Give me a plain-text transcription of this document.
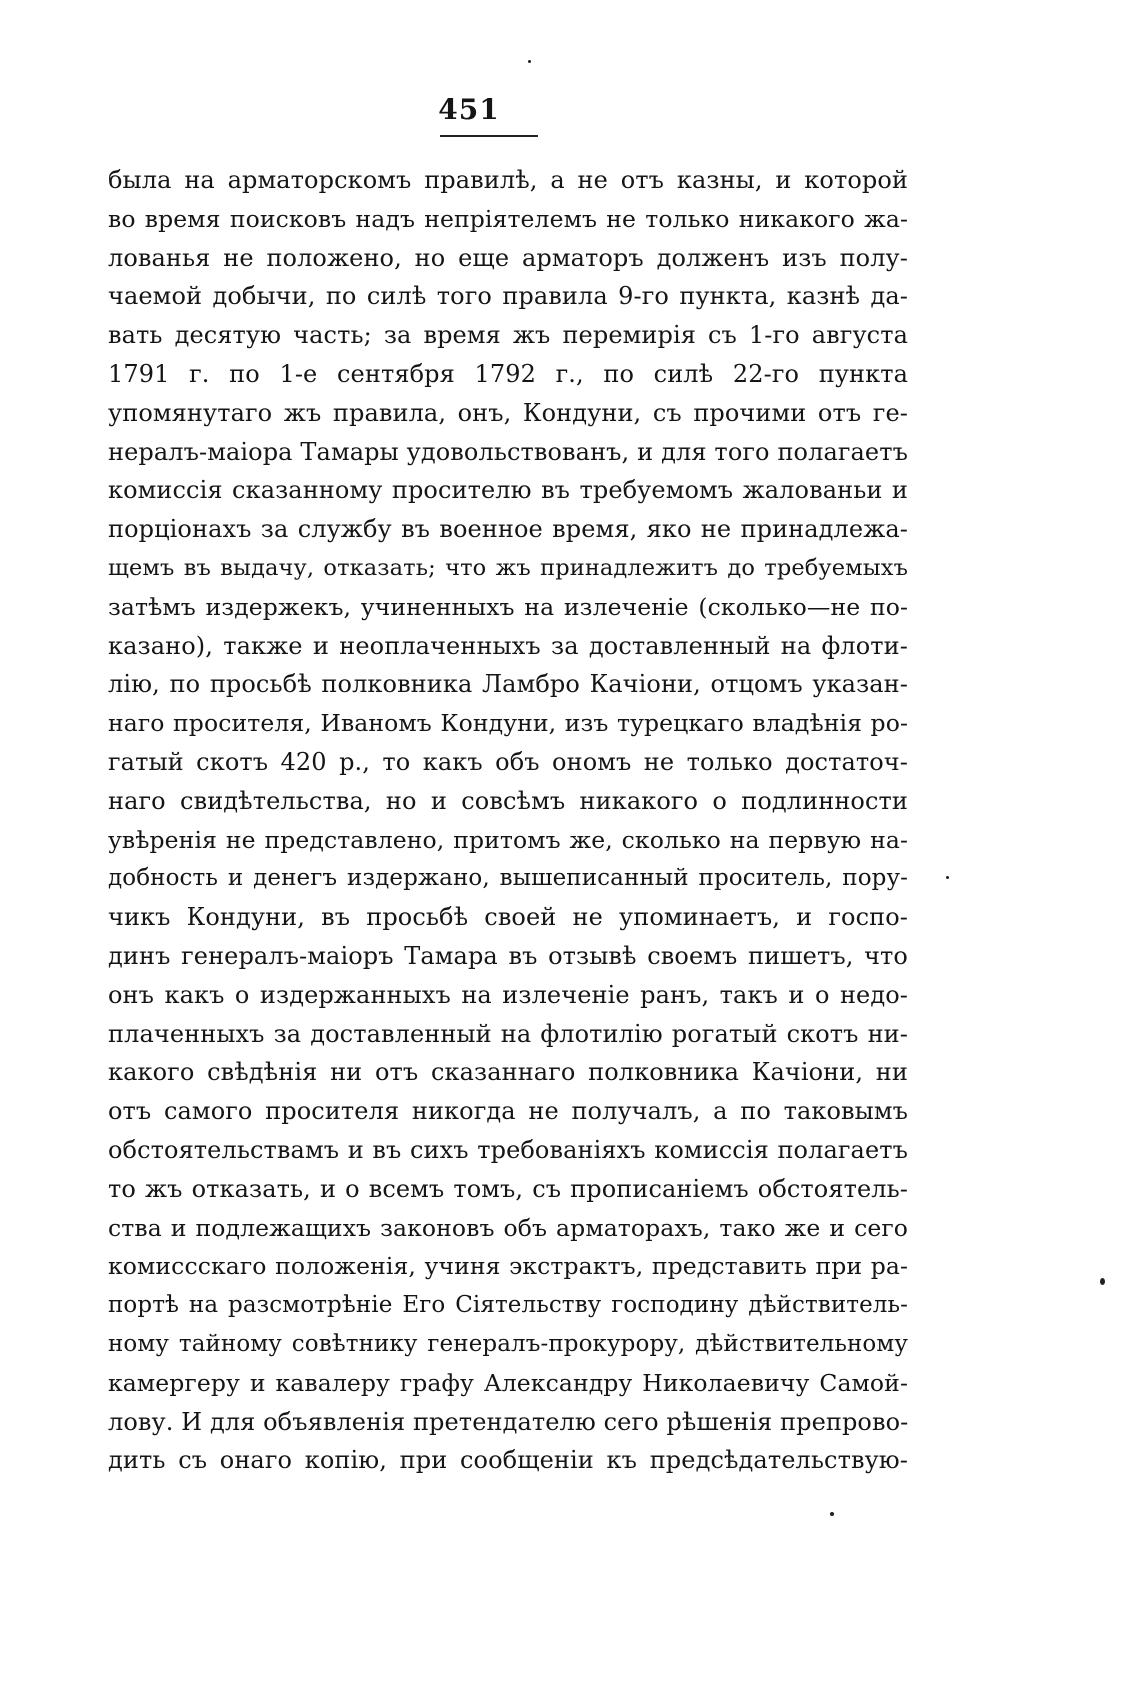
451
была на арматорскомъ правилѣ, а не отъ казны, и которой
во время поисковъ надъ непріятелемъ не только никакого жа-
лованья не положено, но еще арматоръ долженъ изъ полу-
чаемой добычи, по силѣ того правила 9-го пункта, казнѣ да-
вать десятую часть; за время жъ перемирія съ 1-го августа
1791 г. по 1-е сентября 1792 г., по силѣ 22-го пункта
упомянутаго жъ правила, онъ, Кондуни, съ прочими отъ ге-
нералъ-маіора Тамары удовольствованъ, и для того полагаетъ
комиссія сказанному просителю въ требуемомъ жалованьи и
порціонахъ за службу въ военное время, яко не принадлежа-
щемъ въ выдачу, отказать; что жъ принадлежитъ до требуемыхъ
затѣмъ издержекъ, учиненныхъ на излеченіе (сколько—не по-
казано), также и неоплаченныхъ за доставленный на флоти-
лію, по просьбѣ полковника Ламбро Качіони, отцомъ указан-
наго просителя, Иваномъ Кондуни, изъ турецкаго владѣнія ро-
гатый скотъ 420 р., то какъ объ ономъ не только достаточ-
наго свидѣтельства, но и совсѣмъ никакого о подлинности
увѣренія не представлено, притомъ же, сколько на первую на-
добность и денегъ издержано, вышеписанный проситель, пору-
чикъ Кондуни, въ просьбѣ своей не упоминаетъ, и госпо-
динъ генералъ-маіоръ Тамара въ отзывѣ своемъ пишетъ, что
онъ какъ о издержанныхъ на излеченіе ранъ, такъ и о недо-
плаченныхъ за доставленный на флотилію рогатый скотъ ни-
какого свѣдѣнія ни отъ сказаннаго полковника Качіони, ни
отъ самого просителя никогда не получалъ, а по таковымъ
обстоятельствамъ и въ сихъ требованіяхъ комиссія полагаетъ
то жъ отказать, и о всемъ томъ, съ прописаніемъ обстоятель-
ства и подлежащихъ законовъ объ арматорахъ, тако же и сего
комиссскаго положенія, учиня экстрактъ, представить при ра-
портѣ на разсмотрѣніе Его Сіятельству господину дѣйствитель-
ному тайному совѣтнику генералъ-прокурору, дѣйствительному
камергеру и кавалеру графу Александру Николаевичу Самой-
лову. И для объявленія претендателю сего рѣшенія препрово-
дить съ онаго копію, при сообщеніи къ предсѣдательствую-
